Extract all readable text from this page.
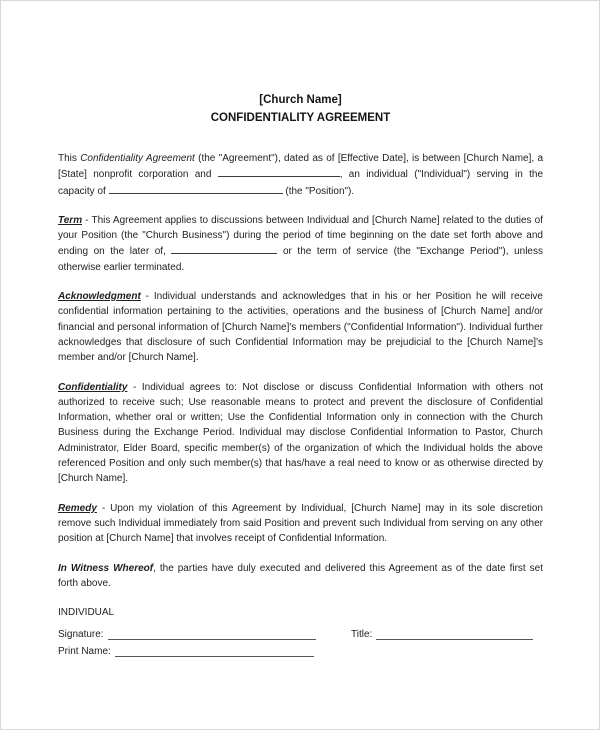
[Church Name]
CONFIDENTIALITY AGREEMENT

This Confidentiality Agreement (the "Agreement"), dated as of [Effective Date], is between [Church Name], a [State] nonprofit corporation and	, an individual ("Individual") serving in the capacity of	(the "Position").

Term - This Agreement applies to discussions between Individual and [Church Name] related to the duties of your Position (the "Church Business") during the period of time beginning on the date set forth above and ending on the later of,	or the term of service (the "Exchange Period"), unless otherwise earlier terminated.

Acknowledgment - Individual understands and acknowledges that in his or her Position he will receive confidential information pertaining to the activities, operations and the business of [Church Name] and/or financial and personal information of [Church Name]'s members ("Confidential Information"). Individual further acknowledges that disclosure of such Confidential Information may be prejudicial to the [Church Name]'s member and/or [Church Name].

Confidentiality - Individual agrees to: Not disclose or discuss Confidential Information with others not authorized to receive such; Use reasonable means to protect and prevent the disclosure of Confidential Information, whether oral or written; Use the Confidential Information only in connection with the Church Business during the Exchange Period. Individual may disclose Confidential Information to Pastor, Church Administrator, Elder Board, specific member(s) of the organization of which the Individual holds the above referenced Position and only such member(s) that has/have a real need to know or as otherwise directed by [Church Name].

Remedy - Upon my violation of this Agreement by Individual, [Church Name] may in its sole discretion remove such Individual immediately from said Position and prevent such Individual from serving on any other position at [Church Name] that involves receipt of Confidential Information.

In Witness Whereof, the parties have duly executed and delivered this Agreement as of the date first set forth above.

INDIVIDUAL
Signature:	Title:
Print Name:
